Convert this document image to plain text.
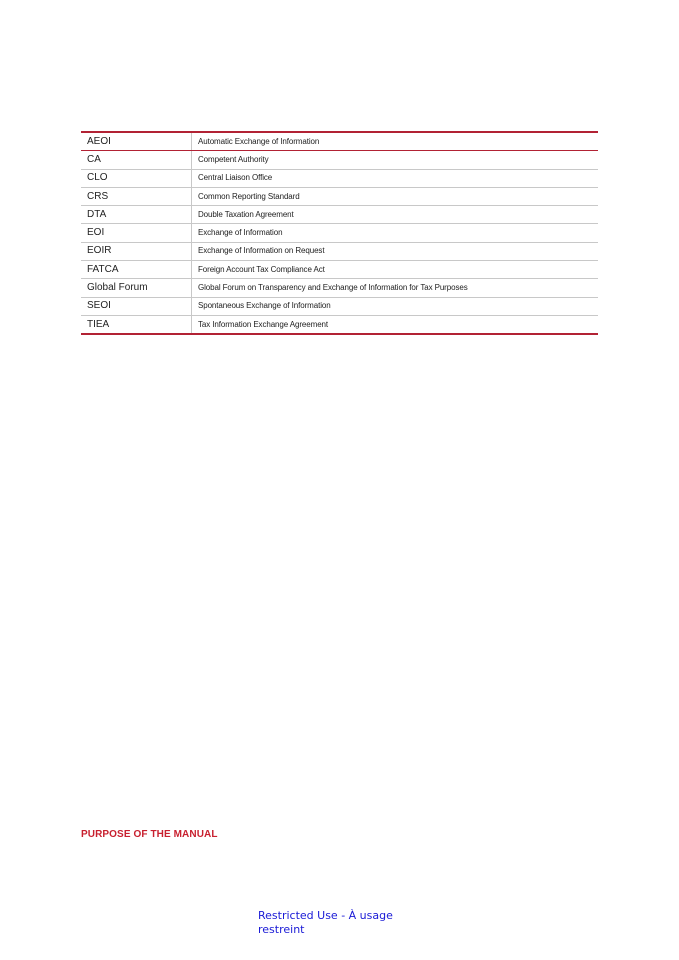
AEOI	Automatic Exchange of Information
CA	Competent Authority
CLO	Central Liaison Office
CRS	Common Reporting Standard
DTA	Double Taxation Agreement
EOI	Exchange of Information
EOIR	Exchange of Information on Request
FATCA	Foreign Account Tax Compliance Act
Global Forum	Global Forum on Transparency and Exchange of Information for Tax Purposes
SEOI	Spontaneous Exchange of Information
TIEA	Tax Information Exchange Agreement
PURPOSE OF THE MANUAL
Restricted Use - À usage restreint
